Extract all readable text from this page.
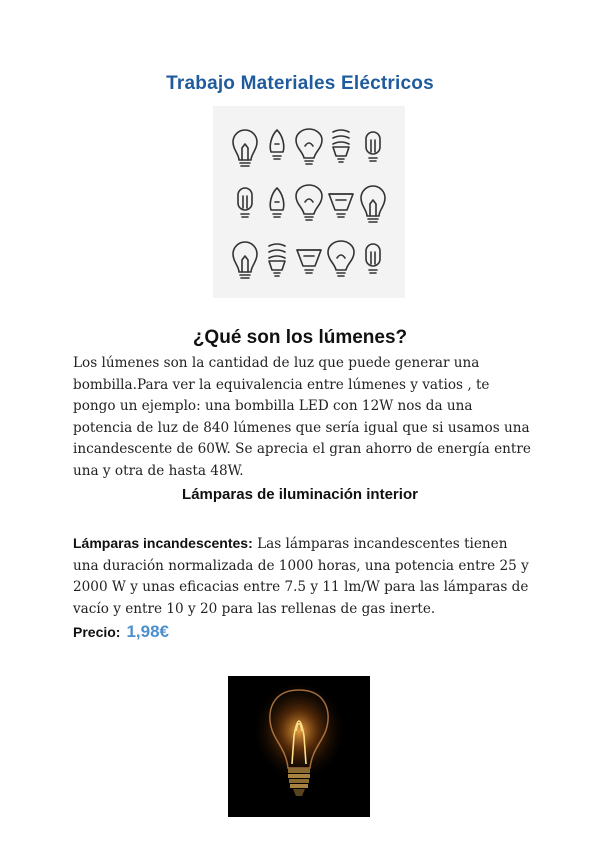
Trabajo Materiales Eléctricos
¿Qué son los lúmenes?
Los lúmenes son la cantidad de luz que puede generar una bombilla.Para ver la equivalencia entre lúmenes y vatios , te pongo un ejemplo: una bombilla LED con 12W nos da una potencia de luz de 840 lúmenes que sería igual que si usamos una incandescente de 60W. Se aprecia el gran ahorro de energía entre una y otra de hasta 48W.
Lámparas de iluminación interior
Lámparas incandescentes: Las lámparas incandescentes tienen una duración normalizada de 1000 horas, una potencia entre 25 y 2000 W y unas eficacias entre 7.5 y 11 lm/W para las lámparas de vacío y entre 10 y 20 para las rellenas de gas inerte.
Precio: 1,98€
